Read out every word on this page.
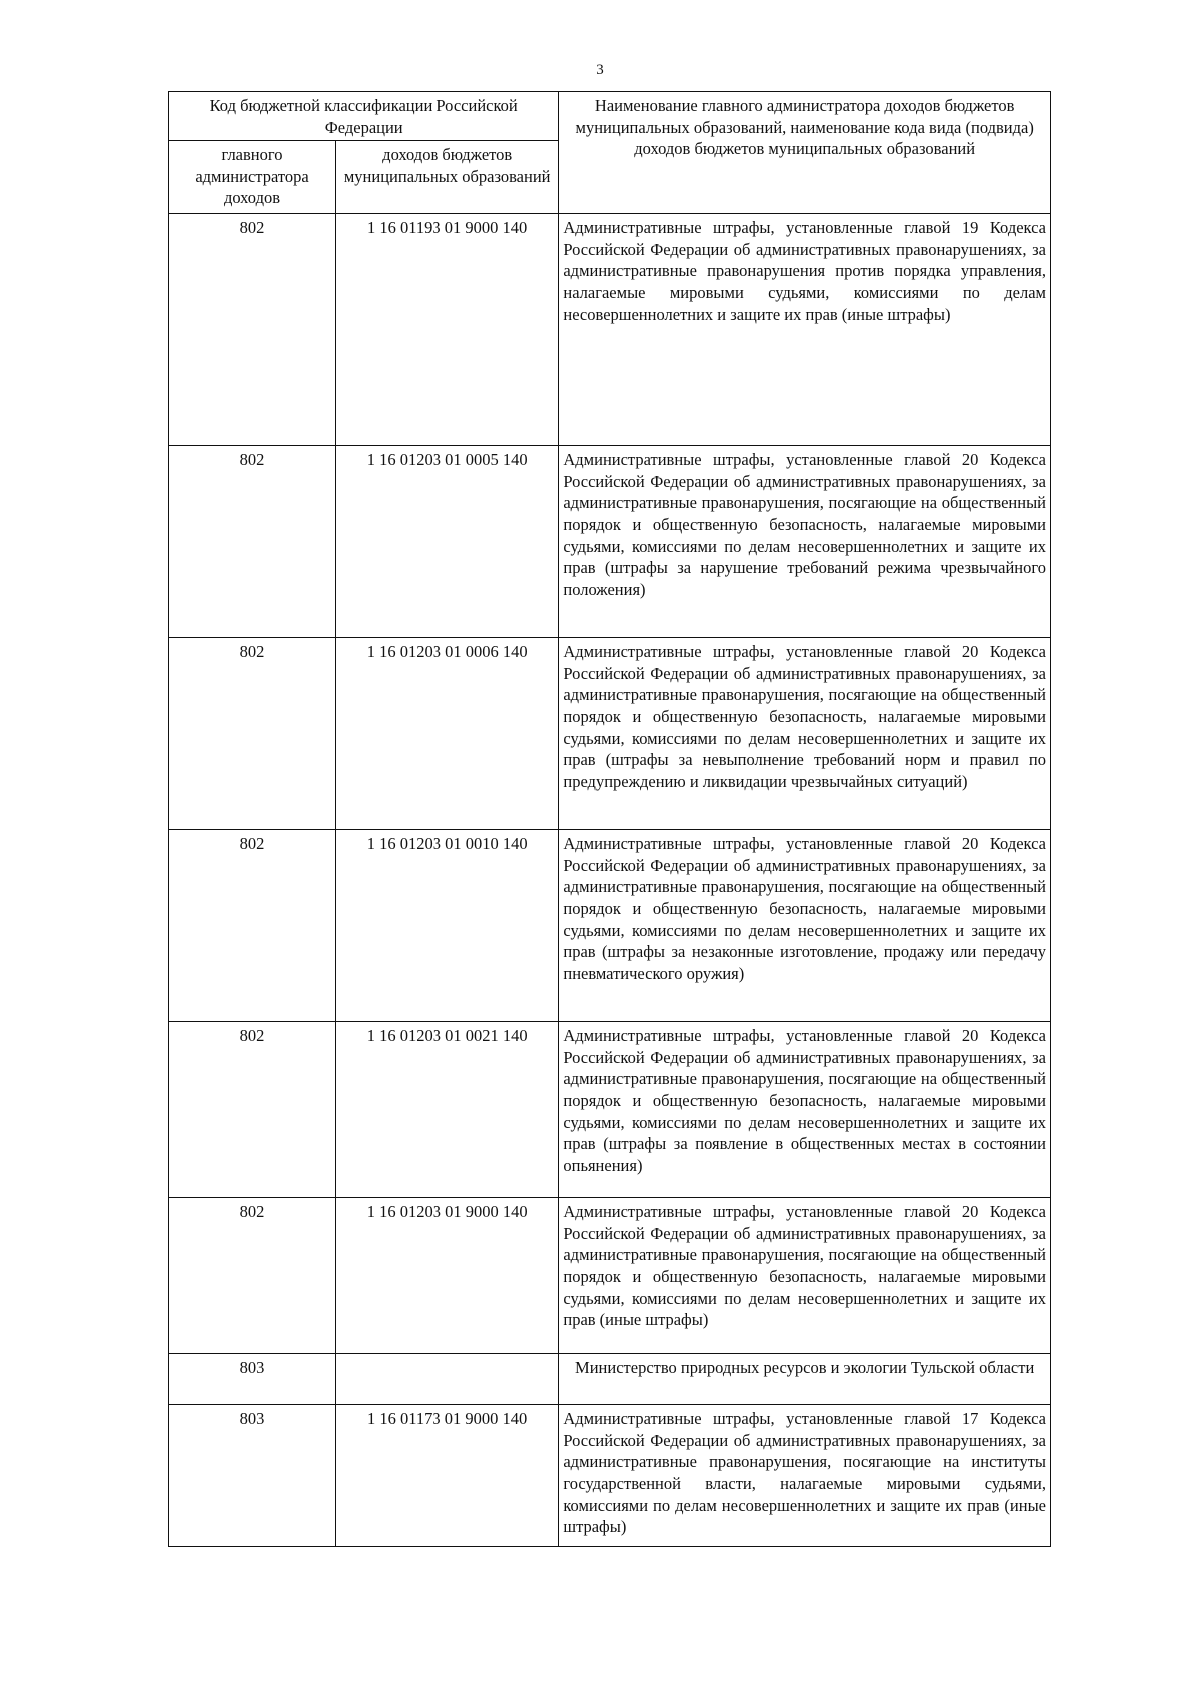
3
Код бюджетной классификации Российской Федерации		Наименование главного администратора доходов бюджетов муниципальных образований, наименование кода вида (подвида) доходов бюджетов муниципальных образований
главного администратора доходов	доходов бюджетов муниципальных образований	
802	1 16 01193 01 9000 140	Административные штрафы, установленные главой 19 Кодекса Российской Федерации об административных правонарушениях, за административные правонарушения против порядка управления, налагаемые мировыми судьями, комиссиями по делам несовершеннолетних и защите их прав (иные штрафы)
802	1 16 01203 01 0005 140	Административные штрафы, установленные главой 20 Кодекса Российской Федерации об административных правонарушениях, за административные правонарушения, посягающие на общественный порядок и общественную безопасность, налагаемые мировыми судьями, комиссиями по делам несовершеннолетних и защите их прав (штрафы за нарушение требований режима чрезвычайного положения)
802	1 16 01203 01 0006 140	Административные штрафы, установленные главой 20 Кодекса Российской Федерации об административных правонарушениях, за административные правонарушения, посягающие на общественный порядок и общественную безопасность, налагаемые мировыми судьями, комиссиями по делам несовершеннолетних и защите их прав (штрафы за невыполнение требований норм и правил по предупреждению и ликвидации чрезвычайных ситуаций)
802	1 16 01203 01 0010 140	Административные штрафы, установленные главой 20 Кодекса Российской Федерации об административных правонарушениях, за административные правонарушения, посягающие на общественный порядок и общественную безопасность, налагаемые мировыми судьями, комиссиями по делам несовершеннолетних и защите их прав (штрафы за незаконные изготовление, продажу или передачу пневматического оружия)
802	1 16 01203 01 0021 140	Административные штрафы, установленные главой 20 Кодекса Российской Федерации об административных правонарушениях, за административные правонарушения, посягающие на общественный порядок и общественную безопасность, налагаемые мировыми судьями, комиссиями по делам несовершеннолетних и защите их прав (штрафы за появление в общественных местах в состоянии опьянения)
802	1 16 01203 01 9000 140	Административные штрафы, установленные главой 20 Кодекса Российской Федерации об административных правонарушениях, за административные правонарушения, посягающие на общественный порядок и общественную безопасность, налагаемые мировыми судьями, комиссиями по делам несовершеннолетних и защите их прав (иные штрафы)
803		Министерство природных ресурсов и экологии Тульской области
803	1 16 01173 01 9000 140	Административные штрафы, установленные главой 17 Кодекса Российской Федерации об административных правонарушениях, за административные правонарушения, посягающие на институты государственной власти, налагаемые мировыми судьями, комиссиями по делам несовершеннолетних и защите их прав (иные штрафы)
